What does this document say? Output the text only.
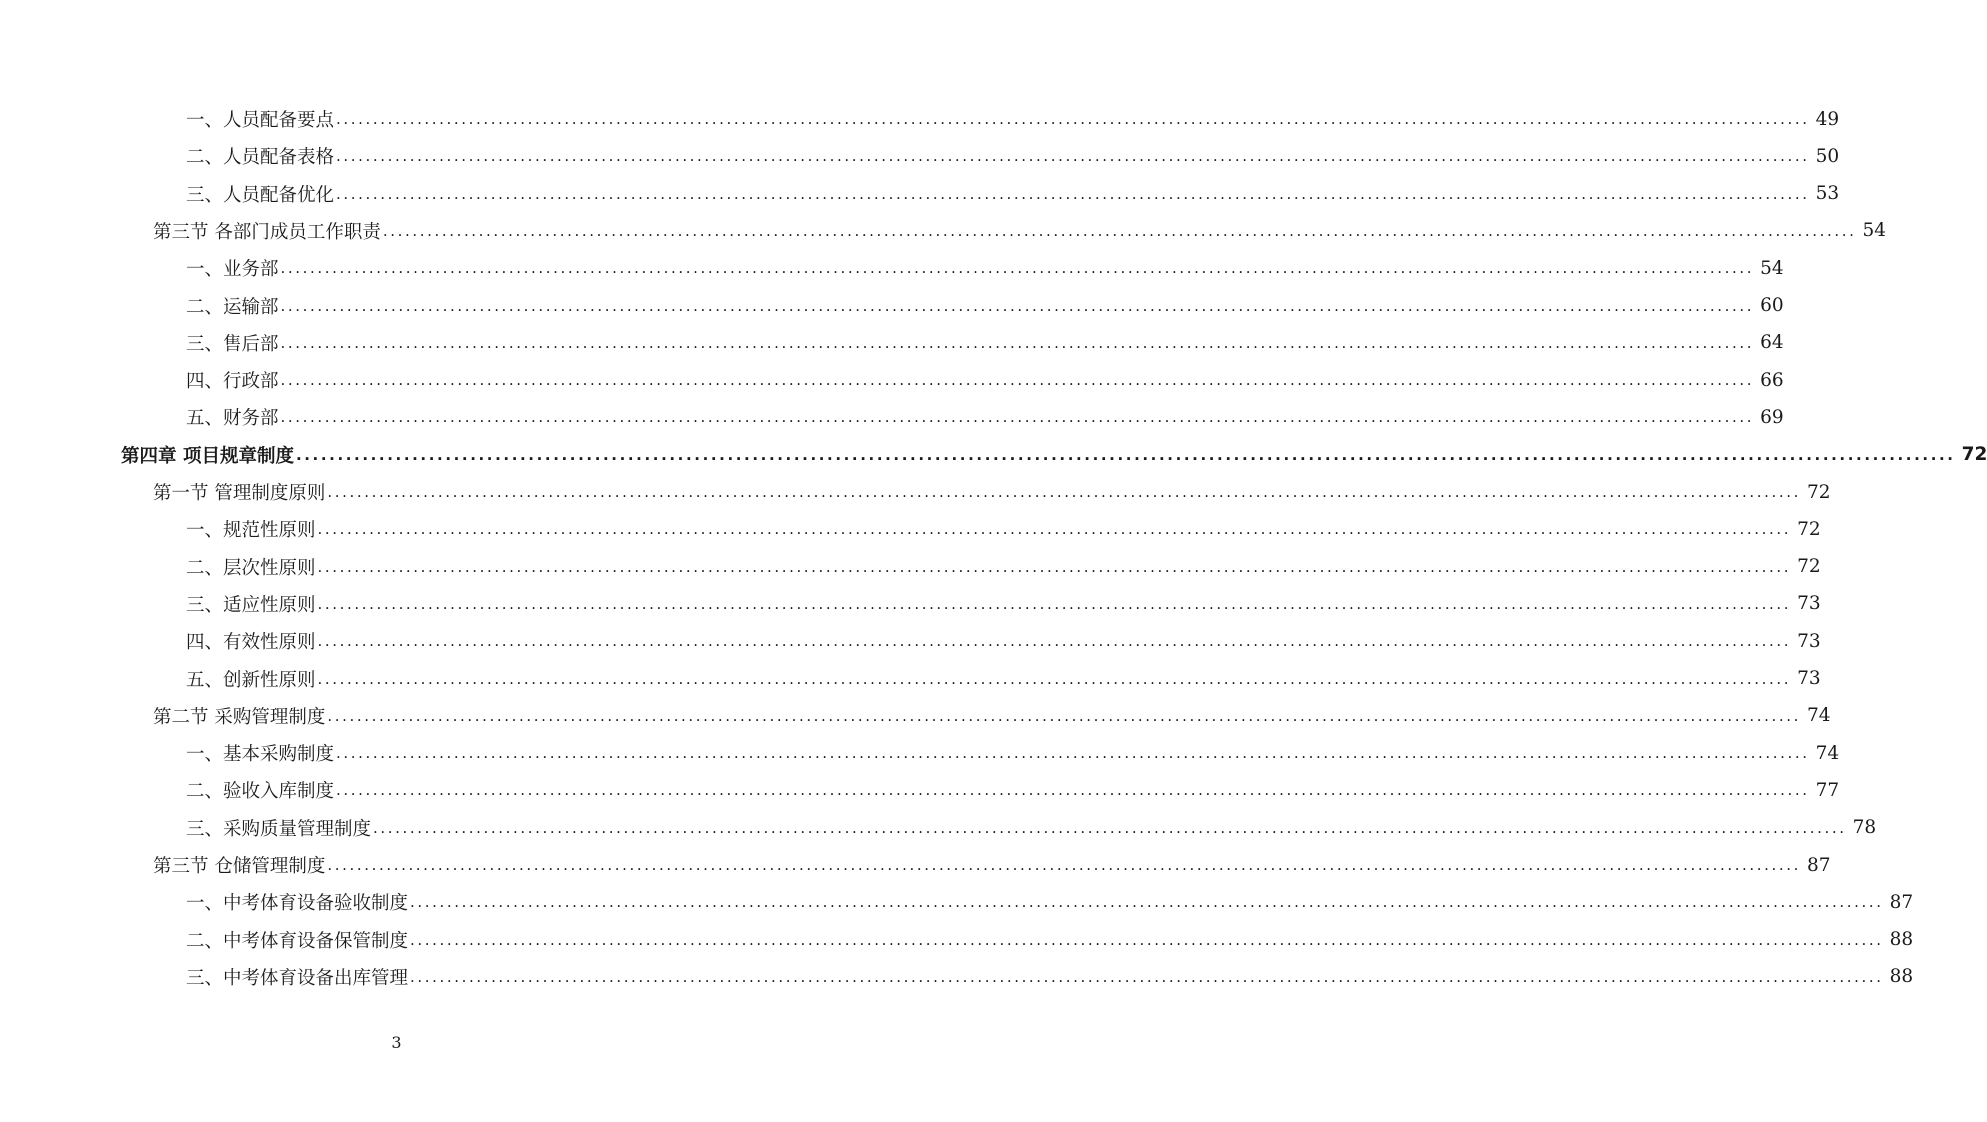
一、人员配备要点 ........................................................................................................................................................................................................ 49
二、人员配备表格 ........................................................................................................................................................................................................ 50
三、人员配备优化 ........................................................................................................................................................................................................ 53
第三节 各部门成员工作职责 ........................................................................................................................................................................................................ 54
一、业务部 ........................................................................................................................................................................................................ 54
二、运输部 ........................................................................................................................................................................................................ 60
三、售后部 ........................................................................................................................................................................................................ 64
四、行政部 ........................................................................................................................................................................................................ 66
五、财务部 ........................................................................................................................................................................................................ 69
第四章 项目规章制度 ........................................................................................................................................................................................................ 72
第一节 管理制度原则 ........................................................................................................................................................................................................ 72
一、规范性原则 ........................................................................................................................................................................................................ 72
二、层次性原则 ........................................................................................................................................................................................................ 72
三、适应性原则 ........................................................................................................................................................................................................ 73
四、有效性原则 ........................................................................................................................................................................................................ 73
五、创新性原则 ........................................................................................................................................................................................................ 73
第二节 采购管理制度 ........................................................................................................................................................................................................ 74
一、基本采购制度 ........................................................................................................................................................................................................ 74
二、验收入库制度 ........................................................................................................................................................................................................ 77
三、采购质量管理制度 ........................................................................................................................................................................................................ 78
第三节 仓储管理制度 ........................................................................................................................................................................................................ 87
一、中考体育设备验收制度 ........................................................................................................................................................................................................ 87
二、中考体育设备保管制度 ........................................................................................................................................................................................................ 88
三、中考体育设备出库管理 ........................................................................................................................................................................................................ 88
3
